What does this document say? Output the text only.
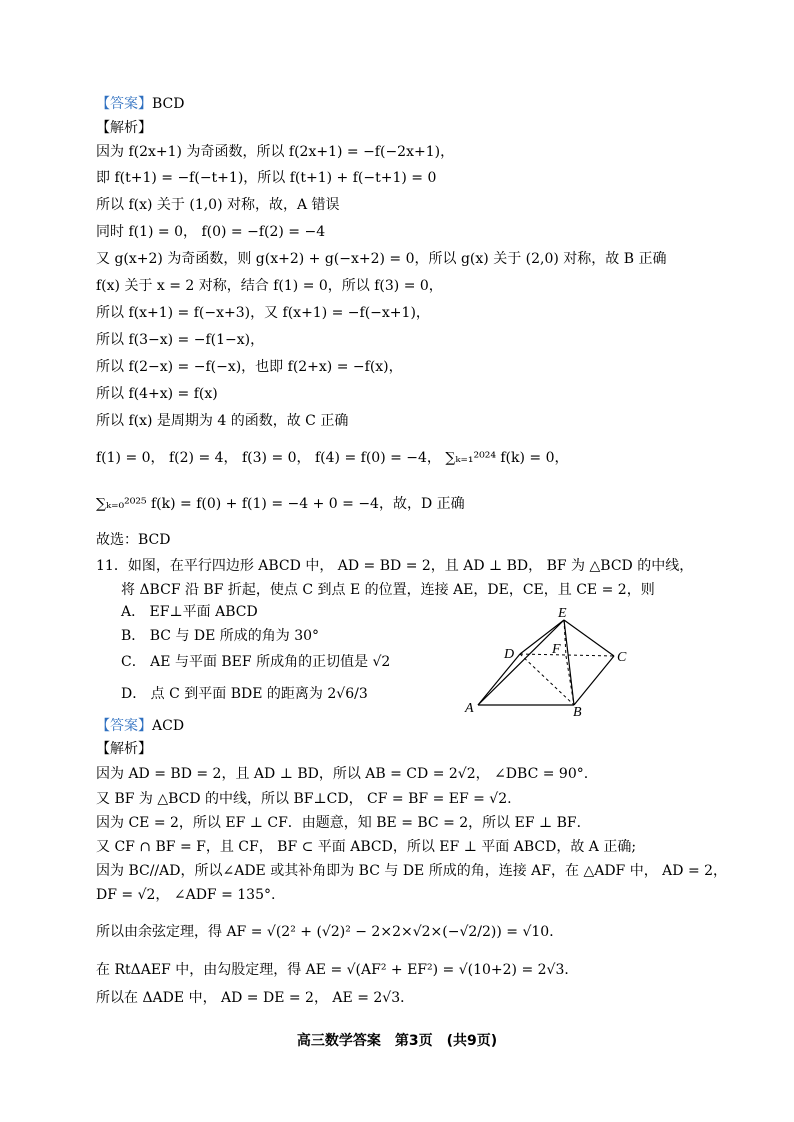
【答案】BCD
【解析】
因为 f(2x+1) 为奇函数，所以 f(2x+1) = −f(−2x+1)，
即 f(t+1) = −f(−t+1)，所以 f(t+1) + f(−t+1) = 0
所以 f(x) 关于 (1,0) 对称，故，A 错误
同时 f(1) = 0， f(0) = −f(2) = −4
又 g(x+2) 为奇函数，则 g(x+2) + g(−x+2) = 0，所以 g(x) 关于 (2,0) 对称，故 B 正确
f(x) 关于 x = 2 对称，结合 f(1) = 0，所以 f(3) = 0，
所以 f(x+1) = f(−x+3)，又 f(x+1) = −f(−x+1)，
所以 f(3−x) = −f(1−x)，
所以 f(2−x) = −f(−x)，也即 f(2+x) = −f(x)，
所以 f(4+x) = f(x)
所以 f(x) 是周期为 4 的函数，故 C 正确
f(1) = 0， f(2) = 4， f(3) = 0， f(4) = f(0) = −4， ∑ₖ₌₁²⁰²⁴ f(k) = 0，
∑ₖ₌₀²⁰²⁵ f(k) = f(0) + f(1) = −4 + 0 = −4，故，D 正确
故选：BCD
11．如图，在平行四边形 ABCD 中， AD = BD = 2，且 AD ⊥ BD， BF 为 △BCD 的中线，
将 ΔBCF 沿 BF 折起，使点 C 到点 E 的位置，连接 AE，DE，CE，且 CE = 2，则
A． EF⊥平面 ABCD
B． BC 与 DE 所成的角为 30°
C． AE 与平面 BEF 所成角的正切值是 √2
D． 点 C 到平面 BDE 的距离为 2√6/3
E
D	F
C
A	B
【答案】ACD
【解析】
因为 AD = BD = 2，且 AD ⊥ BD，所以 AB = CD = 2√2， ∠DBC = 90°.
又 BF 为 △BCD 的中线，所以 BF⊥CD， CF = BF = EF = √2.
因为 CE = 2，所以 EF ⊥ CF．由题意，知 BE = BC = 2，所以 EF ⊥ BF．
又 CF ∩ BF = F，且 CF， BF ⊂ 平面 ABCD，所以 EF ⊥ 平面 ABCD，故 A 正确;
因为 BC//AD，所以∠ADE 或其补角即为 BC 与 DE 所成的角，连接 AF，在 △ADF 中， AD = 2，
DF = √2， ∠ADF = 135°.
所以由余弦定理，得 AF = √(2² + (√2)² − 2×2×√2×(−√2/2)) = √10．
在 RtΔAEF 中，由勾股定理，得 AE = √(AF² + EF²) = √(10+2) = 2√3．
所以在 ΔADE 中， AD = DE = 2， AE = 2√3．
高三数学答案　第3页　(共9页)
